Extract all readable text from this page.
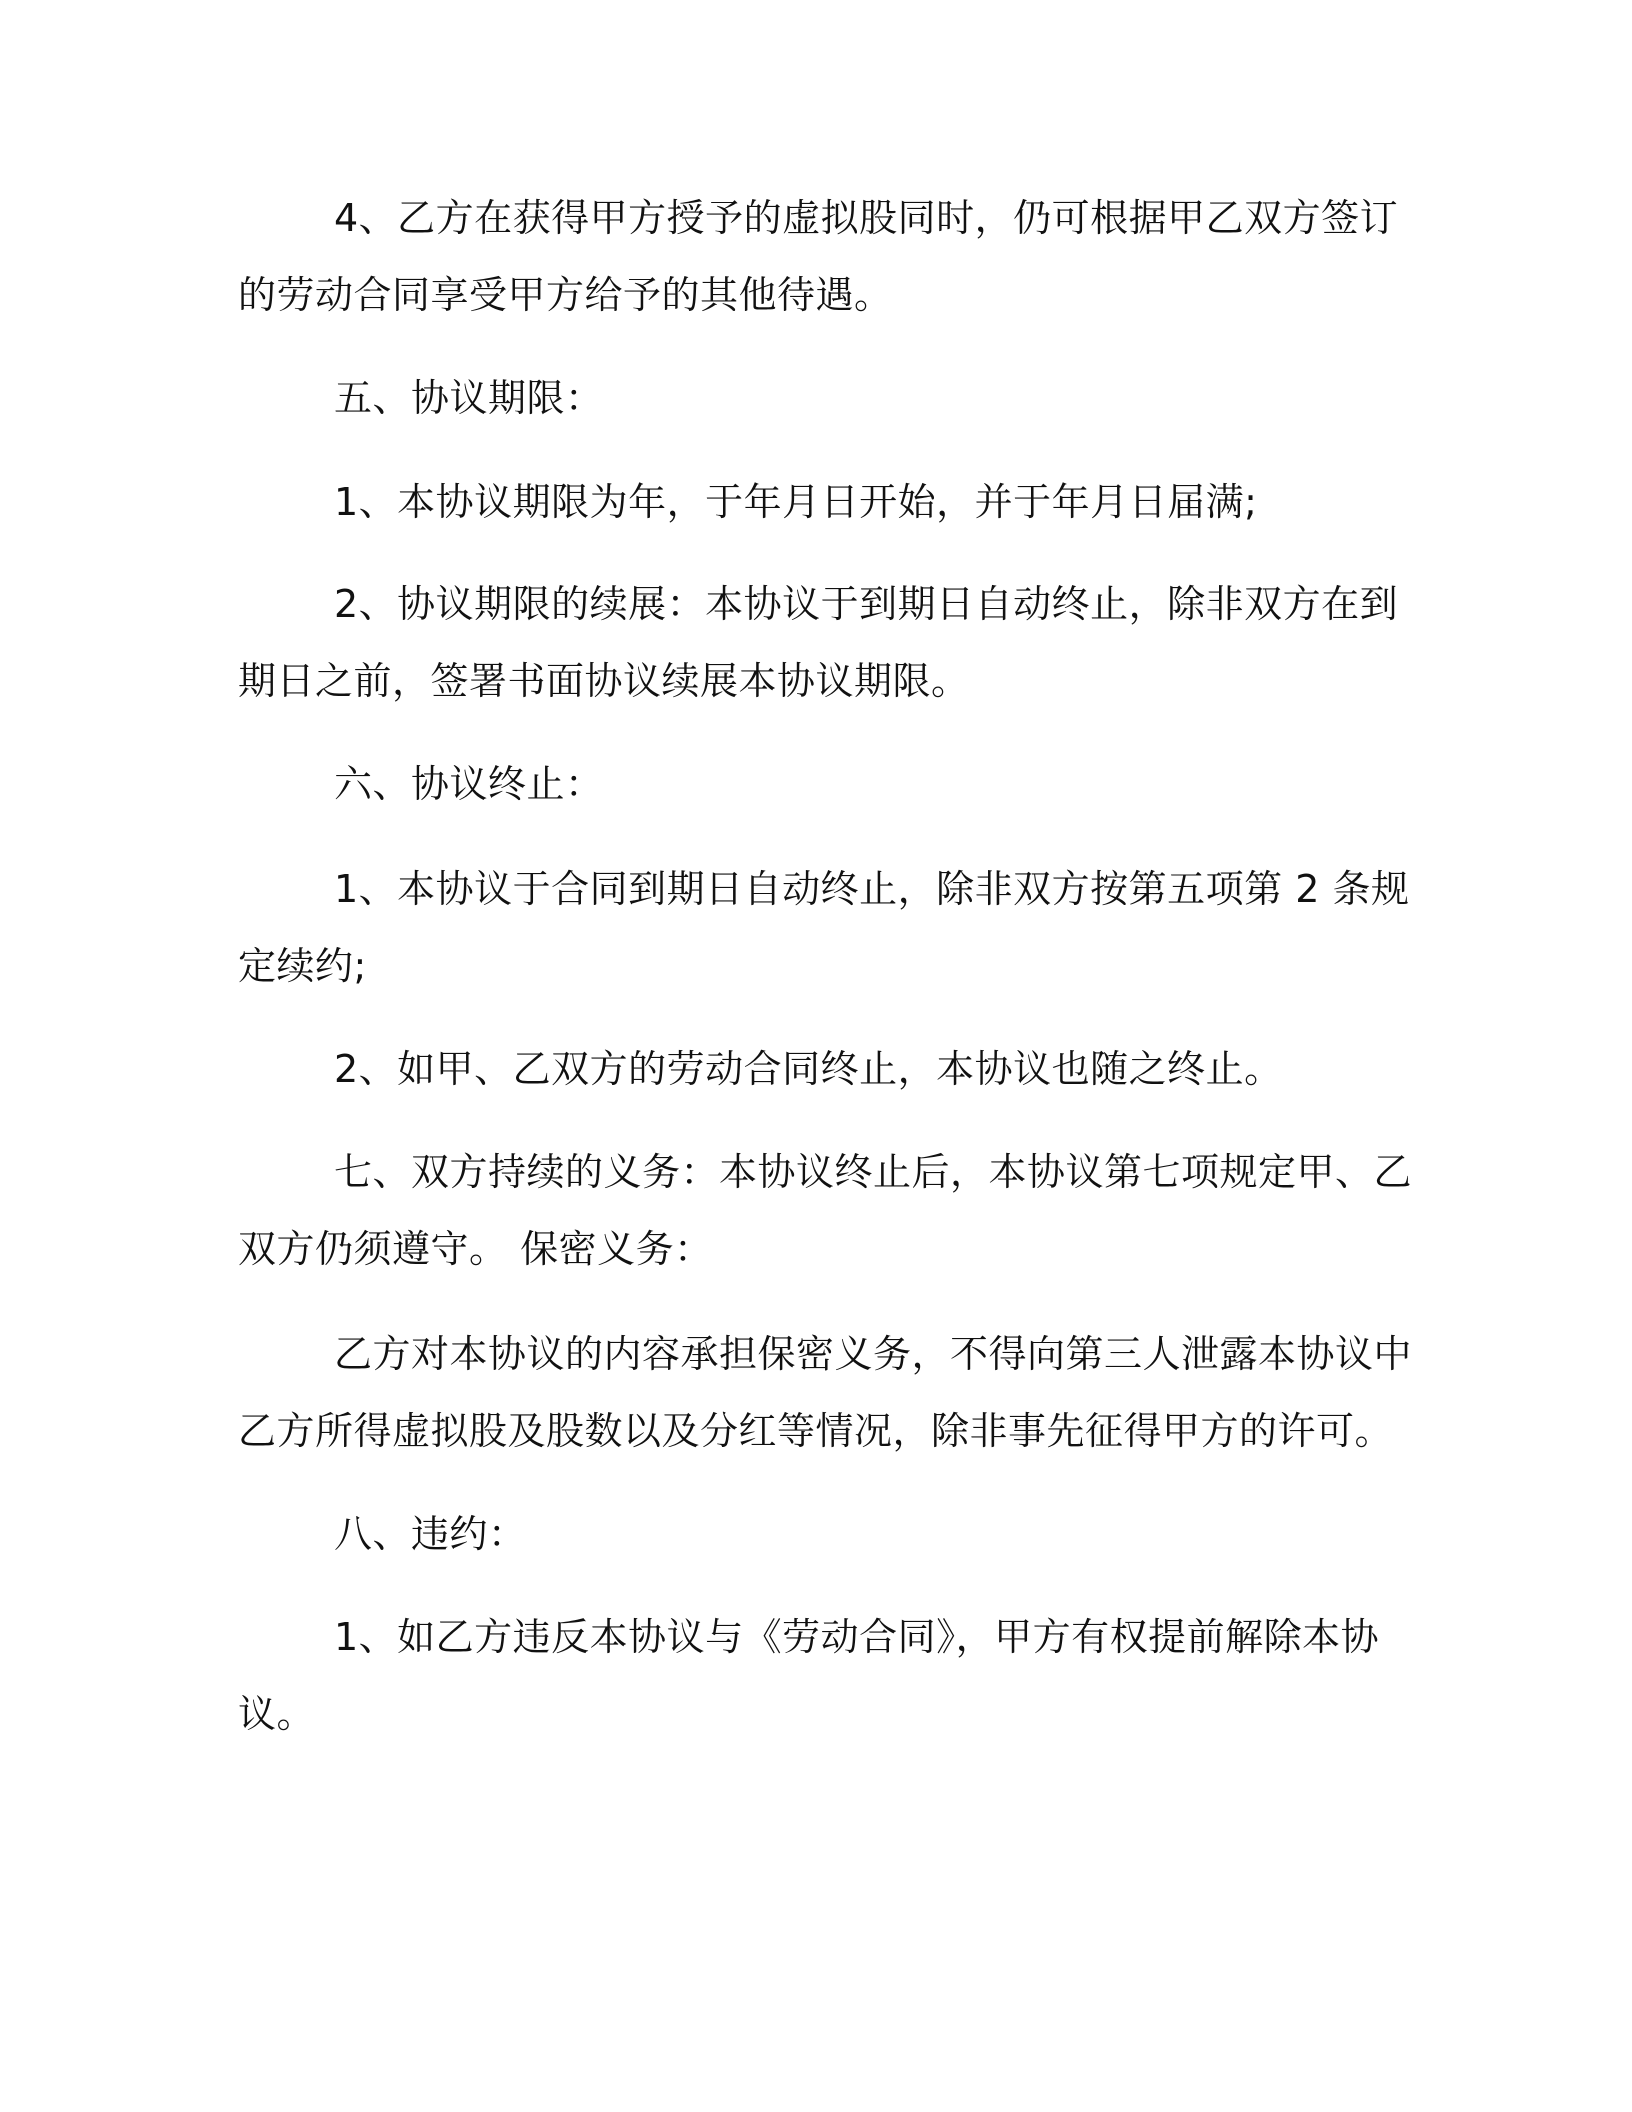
4、乙方在获得甲方授予的虚拟股同时，仍可根据甲乙双方签订
的劳动合同享受甲方给予的其他待遇。
五、协议期限：
1、本协议期限为年，于年月日开始，并于年月日届满;
2、协议期限的续展：本协议于到期日自动终止，除非双方在到
期日之前，签署书面协议续展本协议期限。
六、协议终止：
1、本协议于合同到期日自动终止，除非双方按第五项第 2 条规
定续约;
2、如甲、乙双方的劳动合同终止，本协议也随之终止。
七、双方持续的义务：本协议终止后，本协议第七项规定甲、乙
双方仍须遵守。 保密义务：
乙方对本协议的内容承担保密义务，不得向第三人泄露本协议中
乙方所得虚拟股及股数以及分红等情况，除非事先征得甲方的许可。
八、违约：
1、如乙方违反本协议与《劳动合同》，甲方有权提前解除本协
议。
